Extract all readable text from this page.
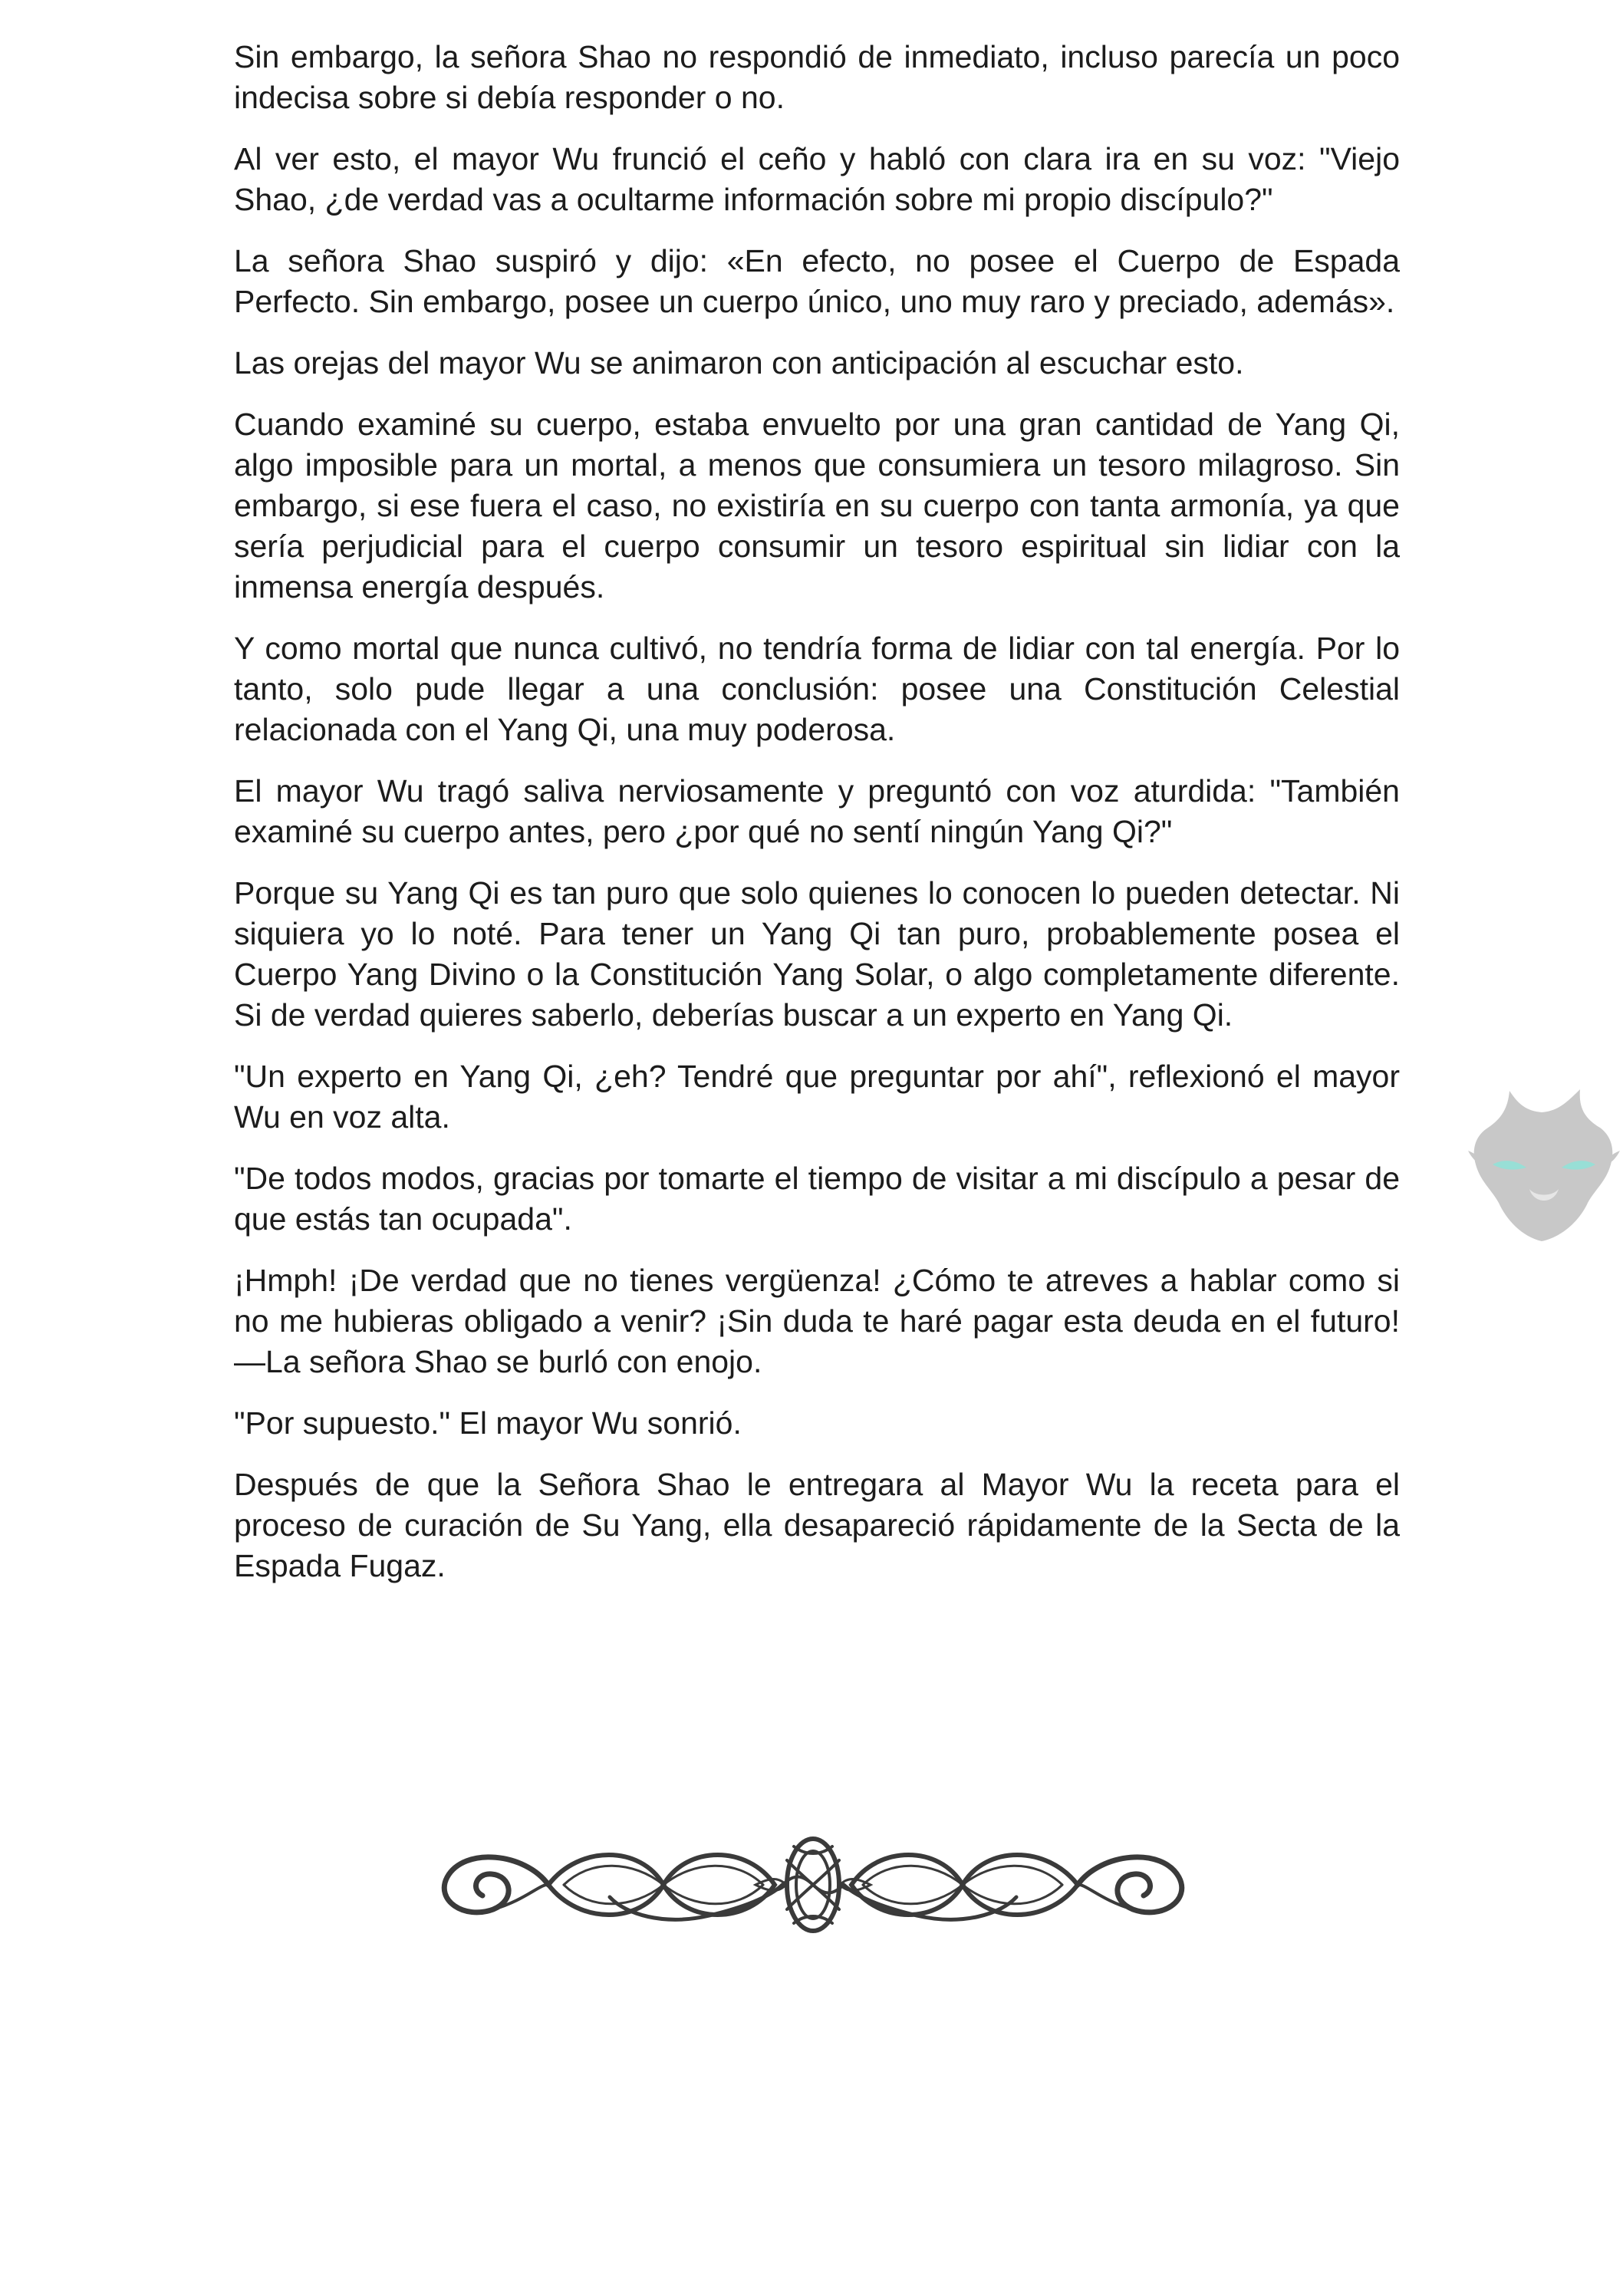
Sin embargo, la señora Shao no respondió de inmediato, incluso parecía un poco indecisa sobre si debía responder o no.

Al ver esto, el mayor Wu frunció el ceño y habló con clara ira en su voz: "Viejo Shao, ¿de verdad vas a ocultarme información sobre mi propio discípulo?"

La señora Shao suspiró y dijo: «En efecto, no posee el Cuerpo de Espada Perfecto. Sin embargo, posee un cuerpo único, uno muy raro y preciado, además».

Las orejas del mayor Wu se animaron con anticipación al escuchar esto.

Cuando examiné su cuerpo, estaba envuelto por una gran cantidad de Yang Qi, algo imposible para un mortal, a menos que consumiera un tesoro milagroso. Sin embargo, si ese fuera el caso, no existiría en su cuerpo con tanta armonía, ya que sería perjudicial para el cuerpo consumir un tesoro espiritual sin lidiar con la inmensa energía después.

Y como mortal que nunca cultivó, no tendría forma de lidiar con tal energía. Por lo tanto, solo pude llegar a una conclusión: posee una Constitución Celestial relacionada con el Yang Qi, una muy poderosa.

El mayor Wu tragó saliva nerviosamente y preguntó con voz aturdida: "También examiné su cuerpo antes, pero ¿por qué no sentí ningún Yang Qi?"

Porque su Yang Qi es tan puro que solo quienes lo conocen lo pueden detectar. Ni siquiera yo lo noté. Para tener un Yang Qi tan puro, probablemente posea el Cuerpo Yang Divino o la Constitución Yang Solar, o algo completamente diferente. Si de verdad quieres saberlo, deberías buscar a un experto en Yang Qi.

"Un experto en Yang Qi, ¿eh? Tendré que preguntar por ahí", reflexionó el mayor Wu en voz alta.

"De todos modos, gracias por tomarte el tiempo de visitar a mi discípulo a pesar de que estás tan ocupada".

¡Hmph! ¡De verdad que no tienes vergüenza! ¿Cómo te atreves a hablar como si no me hubieras obligado a venir? ¡Sin duda te haré pagar esta deuda en el futuro! —La señora Shao se burló con enojo.

"Por supuesto." El mayor Wu sonrió.

Después de que la Señora Shao le entregara al Mayor Wu la receta para el proceso de curación de Su Yang, ella desapareció rápidamente de la Secta de la Espada Fugaz.
